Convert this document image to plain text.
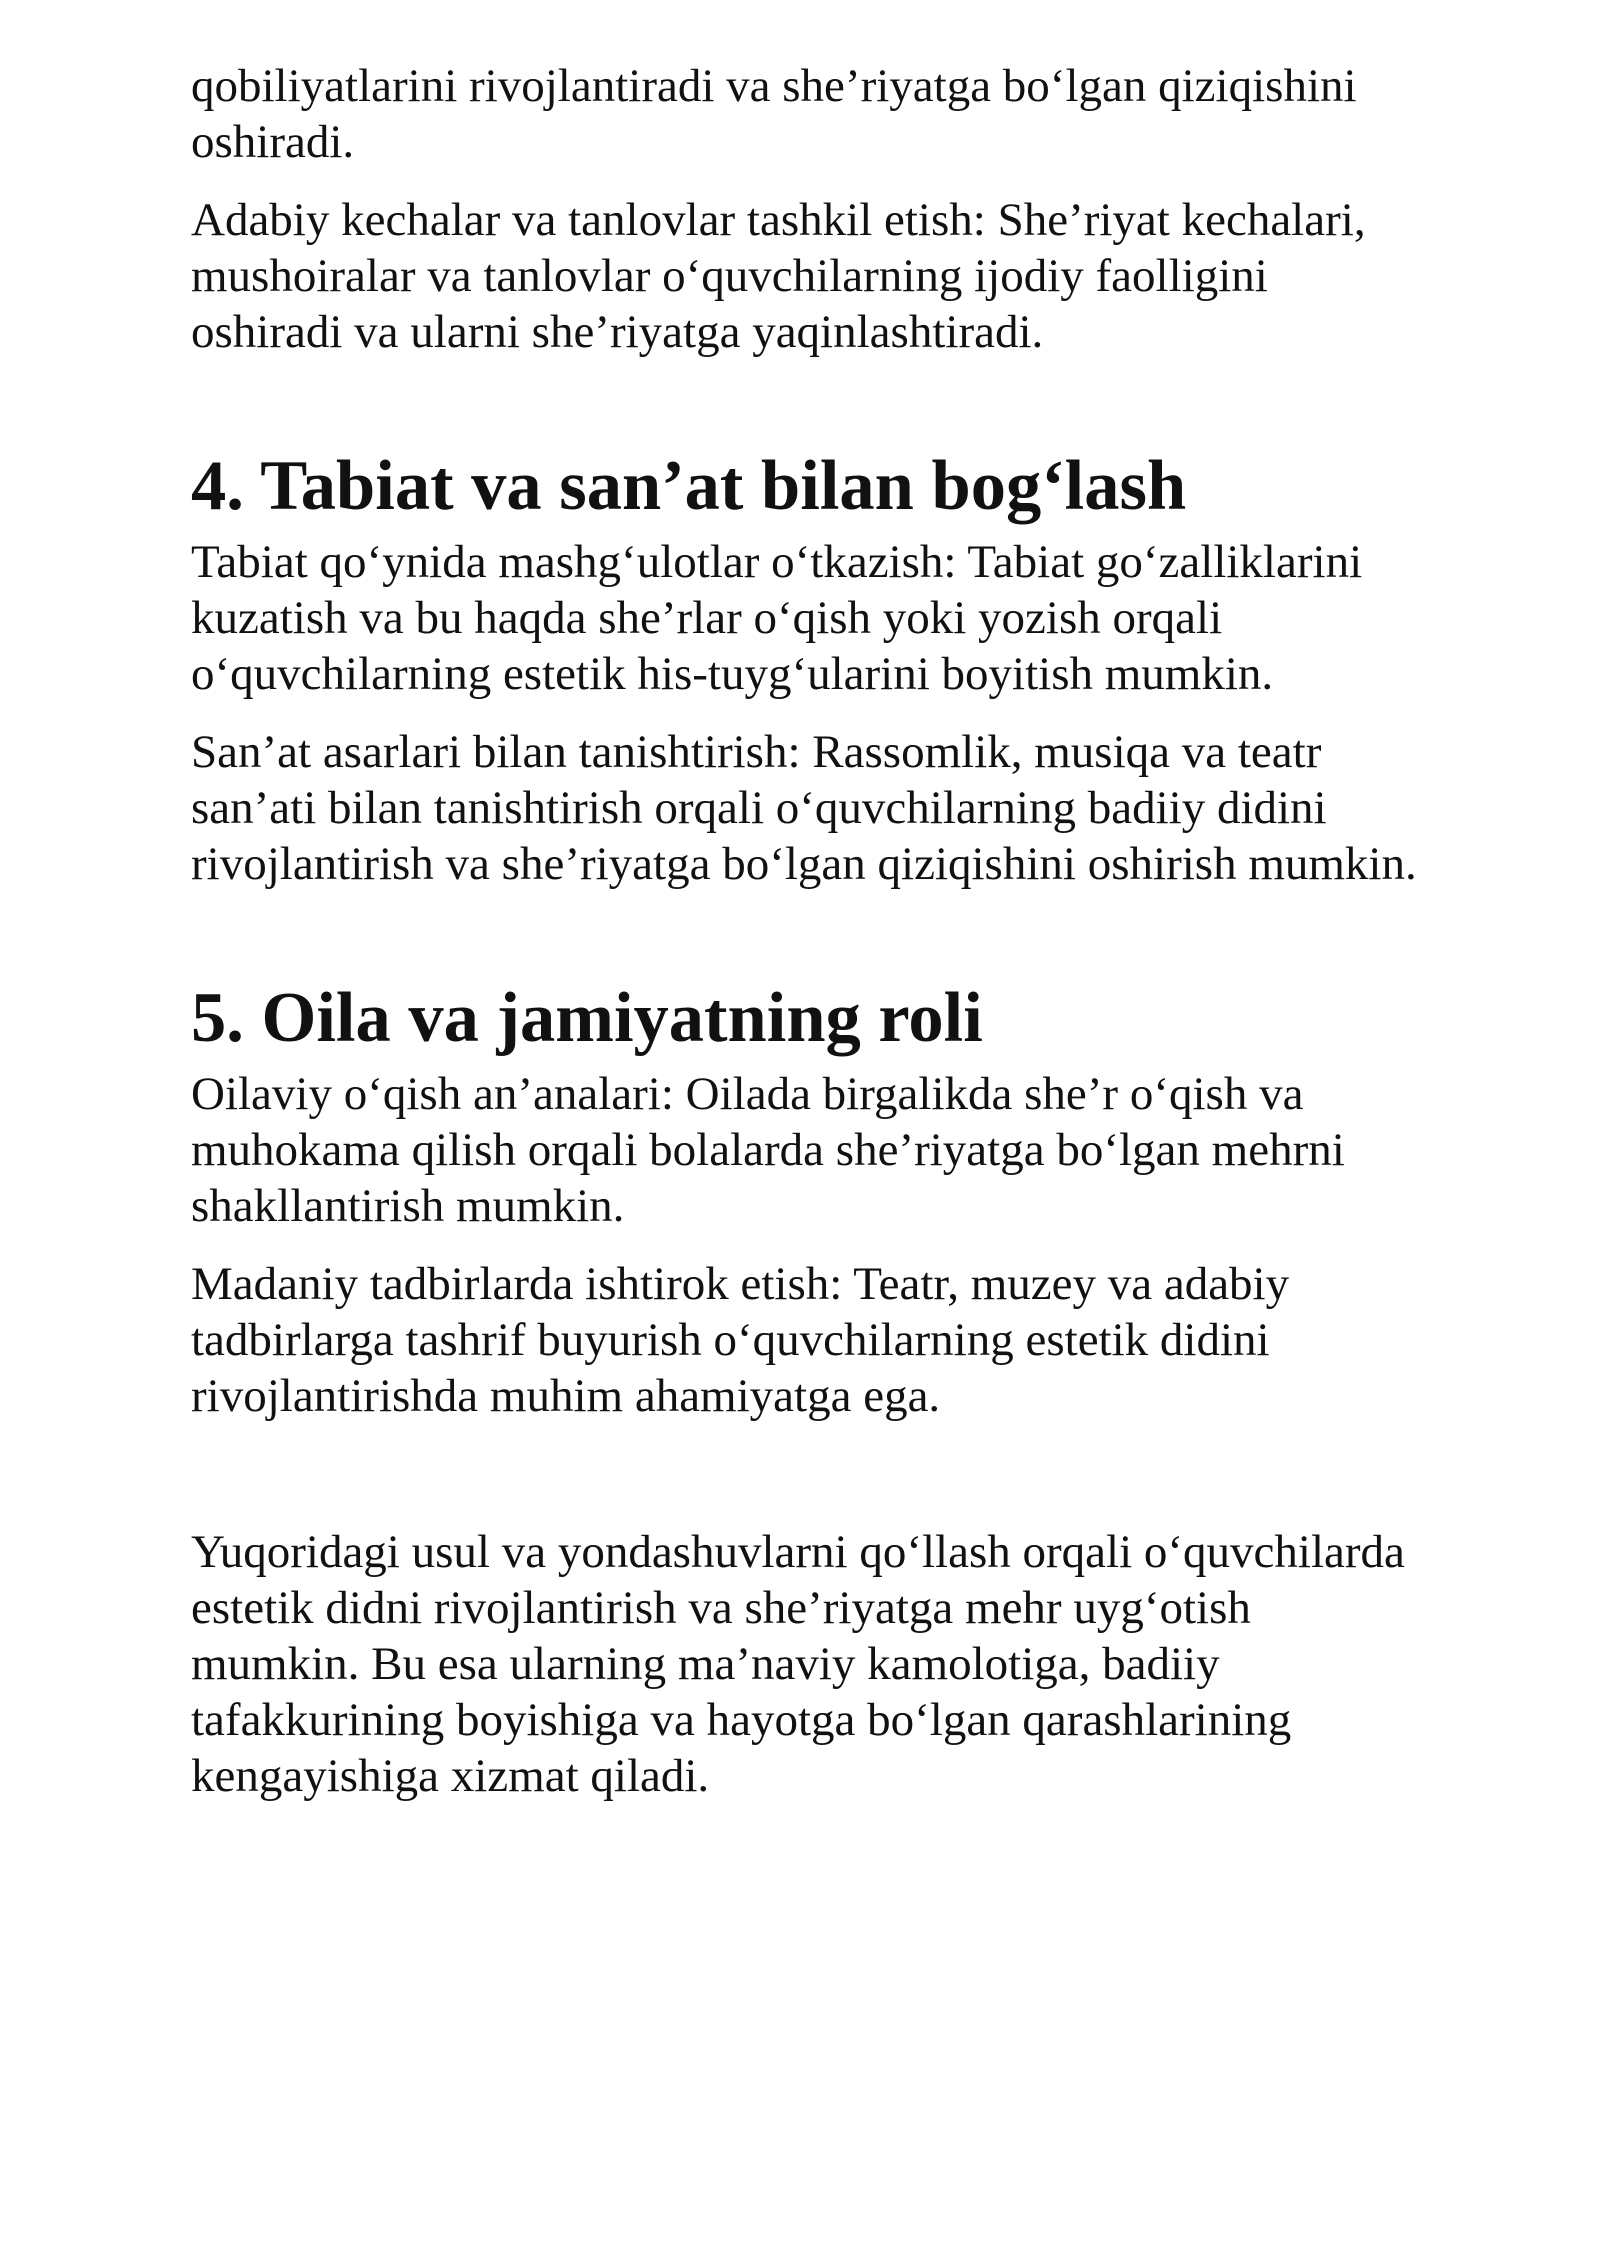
qobiliyatlarini rivojlantiradi va she’riyatga bo‘lgan qiziqishini
oshiradi.

Adabiy kechalar va tanlovlar tashkil etish: She’riyat kechalari,
mushoiralar va tanlovlar o‘quvchilarning ijodiy faolligini
oshiradi va ularni she’riyatga yaqinlashtiradi.

4. Tabiat va san’at bilan bog‘lash

Tabiat qo‘ynida mashg‘ulotlar o‘tkazish: Tabiat go‘zalliklarini
kuzatish va bu haqda she’rlar o‘qish yoki yozish orqali
o‘quvchilarning estetik his-tuyg‘ularini boyitish mumkin.

San’at asarlari bilan tanishtirish: Rassomlik, musiqa va teatr
san’ati bilan tanishtirish orqali o‘quvchilarning badiiy didini
rivojlantirish va she’riyatga bo‘lgan qiziqishini oshirish mumkin.

5. Oila va jamiyatning roli

Oilaviy o‘qish an’analari: Oilada birgalikda she’r o‘qish va
muhokama qilish orqali bolalarda she’riyatga bo‘lgan mehrni
shakllantirish mumkin.

Madaniy tadbirlarda ishtirok etish: Teatr, muzey va adabiy
tadbirlarga tashrif buyurish o‘quvchilarning estetik didini
rivojlantirishda muhim ahamiyatga ega.

Yuqoridagi usul va yondashuvlarni qo‘llash orqali o‘quvchilarda
estetik didni rivojlantirish va she’riyatga mehr uyg‘otish
mumkin. Bu esa ularning ma’naviy kamolotiga, badiiy
tafakkurining boyishiga va hayotga bo‘lgan qarashlarining
kengayishiga xizmat qiladi.
